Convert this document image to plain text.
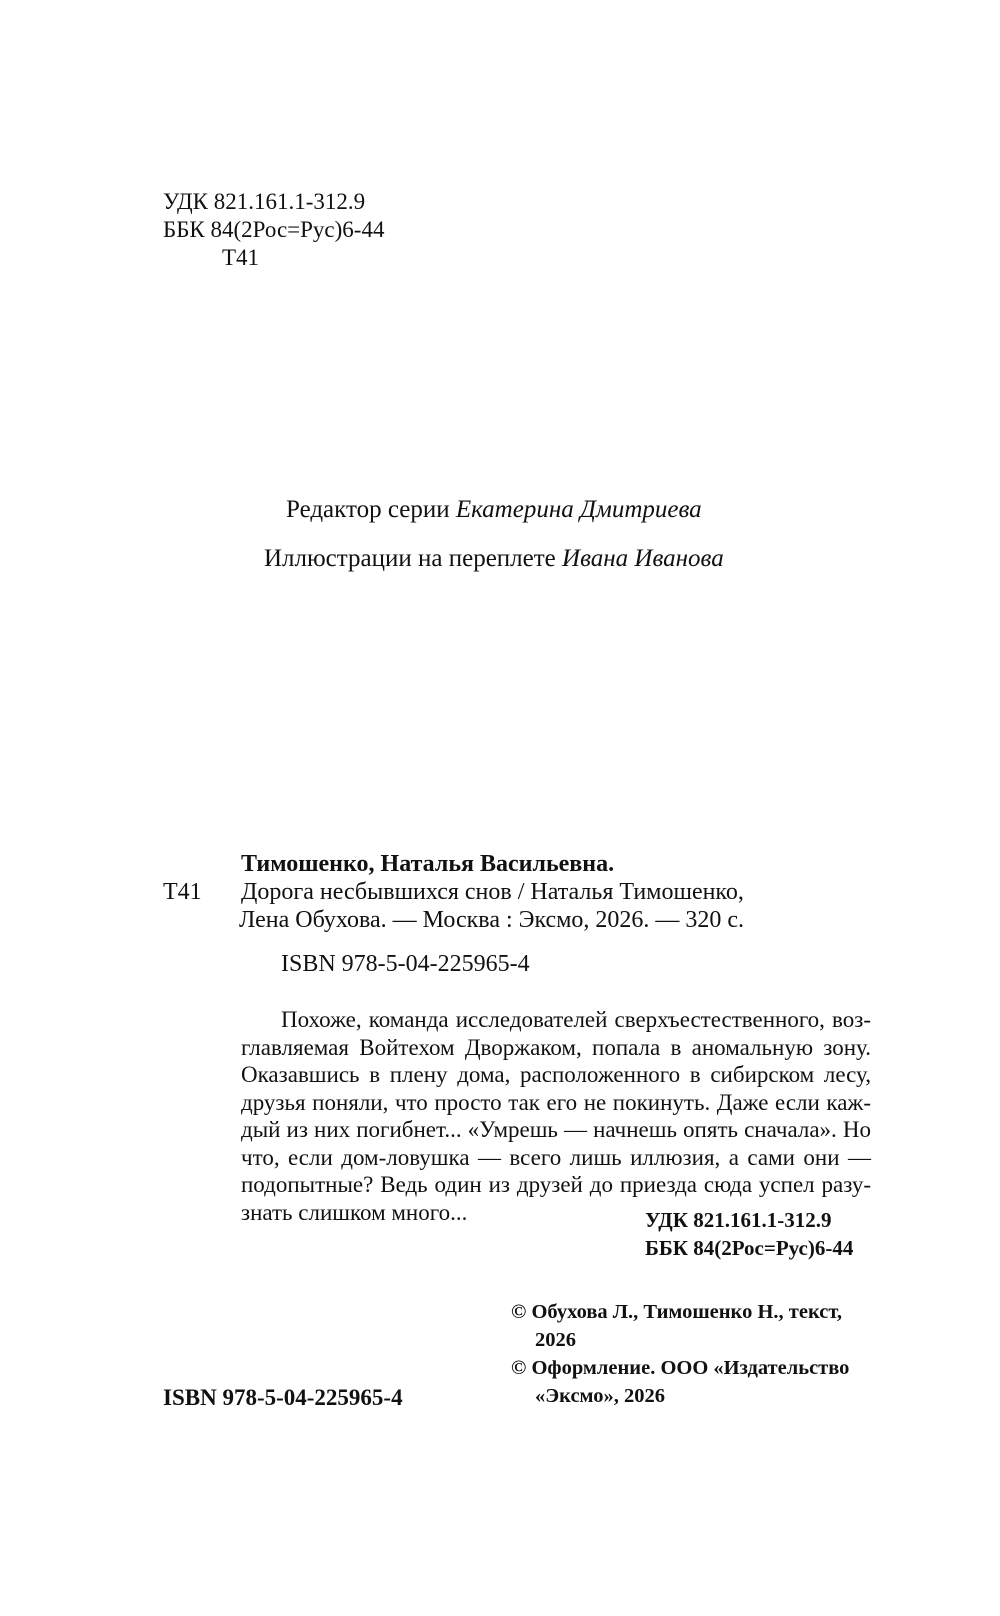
УДК 821.161.1-312.9
ББК 84(2Рос=Рус)6-44
Т41
Редактор серии Екатерина Дмитриева
Иллюстрации на переплете Ивана Иванова
Тимошенко, Наталья Васильевна.
Т41 Дорога несбывшихся снов / Наталья Тимошенко,
Лена Обухова. — Москва : Эксмо, 2026. — 320 с.
ISBN 978-5-04-225965-4
Похоже, команда исследователей сверхъестественного, возглавляемая Войтехом Дворжаком, попала в аномальную зону. Оказавшись в плену дома, расположенного в сибирском лесу, друзья поняли, что просто так его не покинуть. Даже если каждый из них погибнет... «Умрешь — начнешь опять сначала». Но что, если дом-ловушка — всего лишь иллюзия, а сами они — подопытные? Ведь один из друзей до приезда сюда успел разузнать слишком много...	УДК 821.161.1-312.9
ББК 84(2Рос=Рус)6-44
© Обухова Л., Тимошенко Н., текст,
2026
© Оформление. ООО «Издательство
«Эксмо», 2026
ISBN 978-5-04-225965-4
